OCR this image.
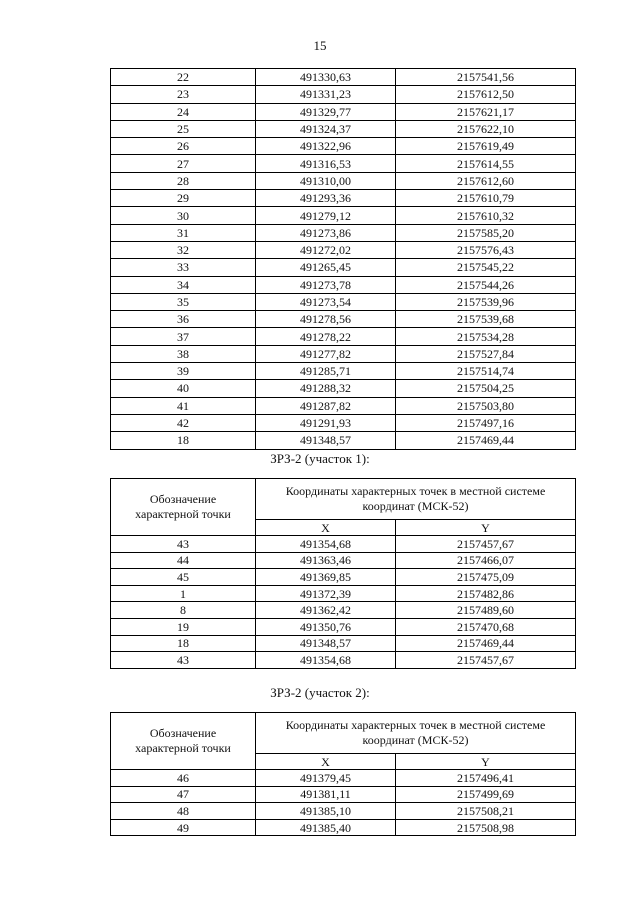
15
22	491330,63	2157541,56
23	491331,23	2157612,50
24	491329,77	2157621,17
25	491324,37	2157622,10
26	491322,96	2157619,49
27	491316,53	2157614,55
28	491310,00	2157612,60
29	491293,36	2157610,79
30	491279,12	2157610,32
31	491273,86	2157585,20
32	491272,02	2157576,43
33	491265,45	2157545,22
34	491273,78	2157544,26
35	491273,54	2157539,96
36	491278,56	2157539,68
37	491278,22	2157534,28
38	491277,82	2157527,84
39	491285,71	2157514,74
40	491288,32	2157504,25
41	491287,82	2157503,80
42	491291,93	2157497,16
18	491348,57	2157469,44
ЗРЗ-2 (участок 1):
Обозначение характерной точки	Координаты характерных точек в местной системе координат (МСК-52)	
	X	Y
43	491354,68	2157457,67
44	491363,46	2157466,07
45	491369,85	2157475,09
1	491372,39	2157482,86
8	491362,42	2157489,60
19	491350,76	2157470,68
18	491348,57	2157469,44
43	491354,68	2157457,67
ЗРЗ-2 (участок 2):
Обозначение характерной точки	Координаты характерных точек в местной системе координат (МСК-52)	
	X	Y
46	491379,45	2157496,41
47	491381,11	2157499,69
48	491385,10	2157508,21
49	491385,40	2157508,98
